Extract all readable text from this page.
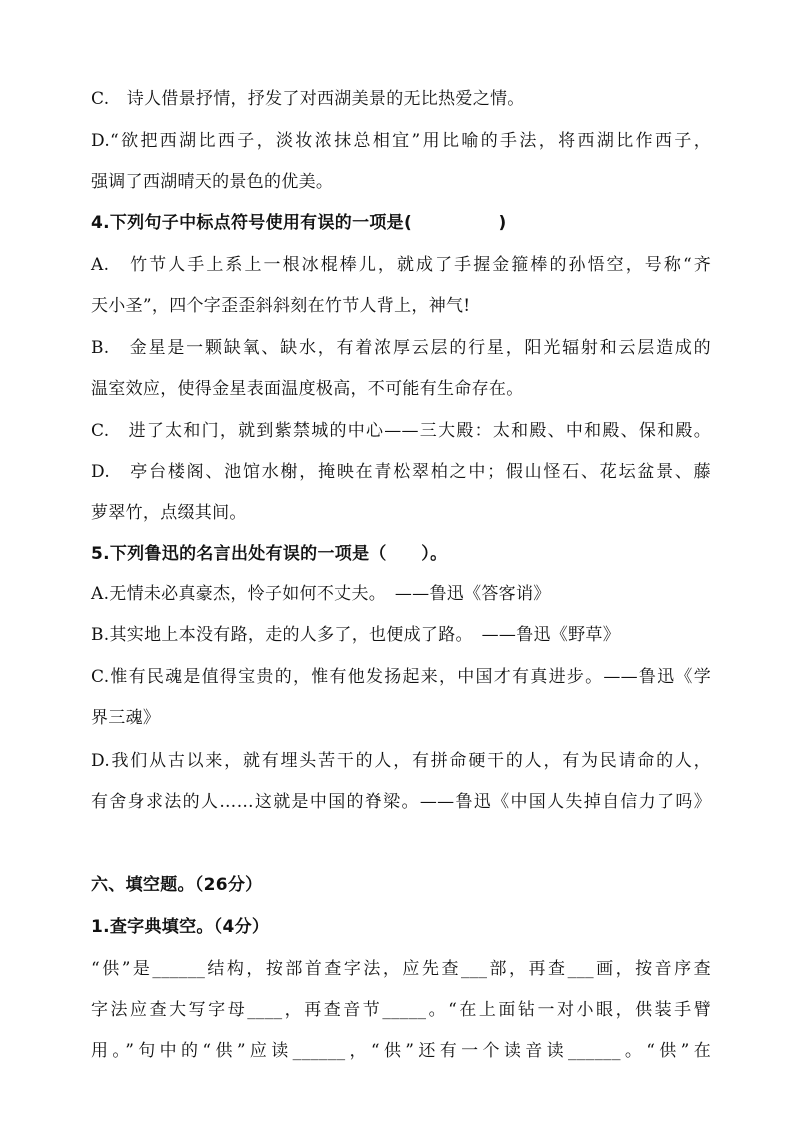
C.　诗人借景抒情，抒发了对西湖美景的无比热爱之情。
D.“欲把西湖比西子，淡妆浓抹总相宜”用比喻的手法，将西湖比作西子，
强调了西湖晴天的景色的优美。
4.下列句子中标点符号使用有误的一项是(　　　　　)
A.　竹节人手上系上一根冰棍棒儿，就成了手握金箍棒的孙悟空，号称“齐
天小圣”，四个字歪歪斜斜刻在竹节人背上，神气!
B.　金星是一颗缺氧、缺水，有着浓厚云层的行星，阳光辐射和云层造成的
温室效应，使得金星表面温度极高，不可能有生命存在。
C.　进了太和门，就到紫禁城的中心——三大殿：太和殿、中和殿、保和殿。
D.　亭台楼阁、池馆水榭，掩映在青松翠柏之中；假山怪石、花坛盆景、藤
萝翠竹，点缀其间。
5.下列鲁迅的名言出处有误的一项是（　　）。
A.无情未必真豪杰，怜子如何不丈夫。　——鲁迅《答客诮》
B.其实地上本没有路，走的人多了，也便成了路。　——鲁迅《野草》
C.惟有民魂是值得宝贵的，惟有他发扬起来，中国才有真进步。——鲁迅《学
界三魂》
D.我们从古以来，就有埋头苦干的人，有拼命硬干的人，有为民请命的人，
有舍身求法的人……这就是中国的脊梁。——鲁迅《中国人失掉自信力了吗》
六、填空题。（26分）
1.查字典填空。（4分）
“供”是______结构，按部首查字法，应先查___部，再查___画，按音序查
字法应查大写字母____，再查音节_____。“在上面钻一对小眼，供装手臂
用。”句中的“供”应读______，“供”还有一个读音读______。“供”在
